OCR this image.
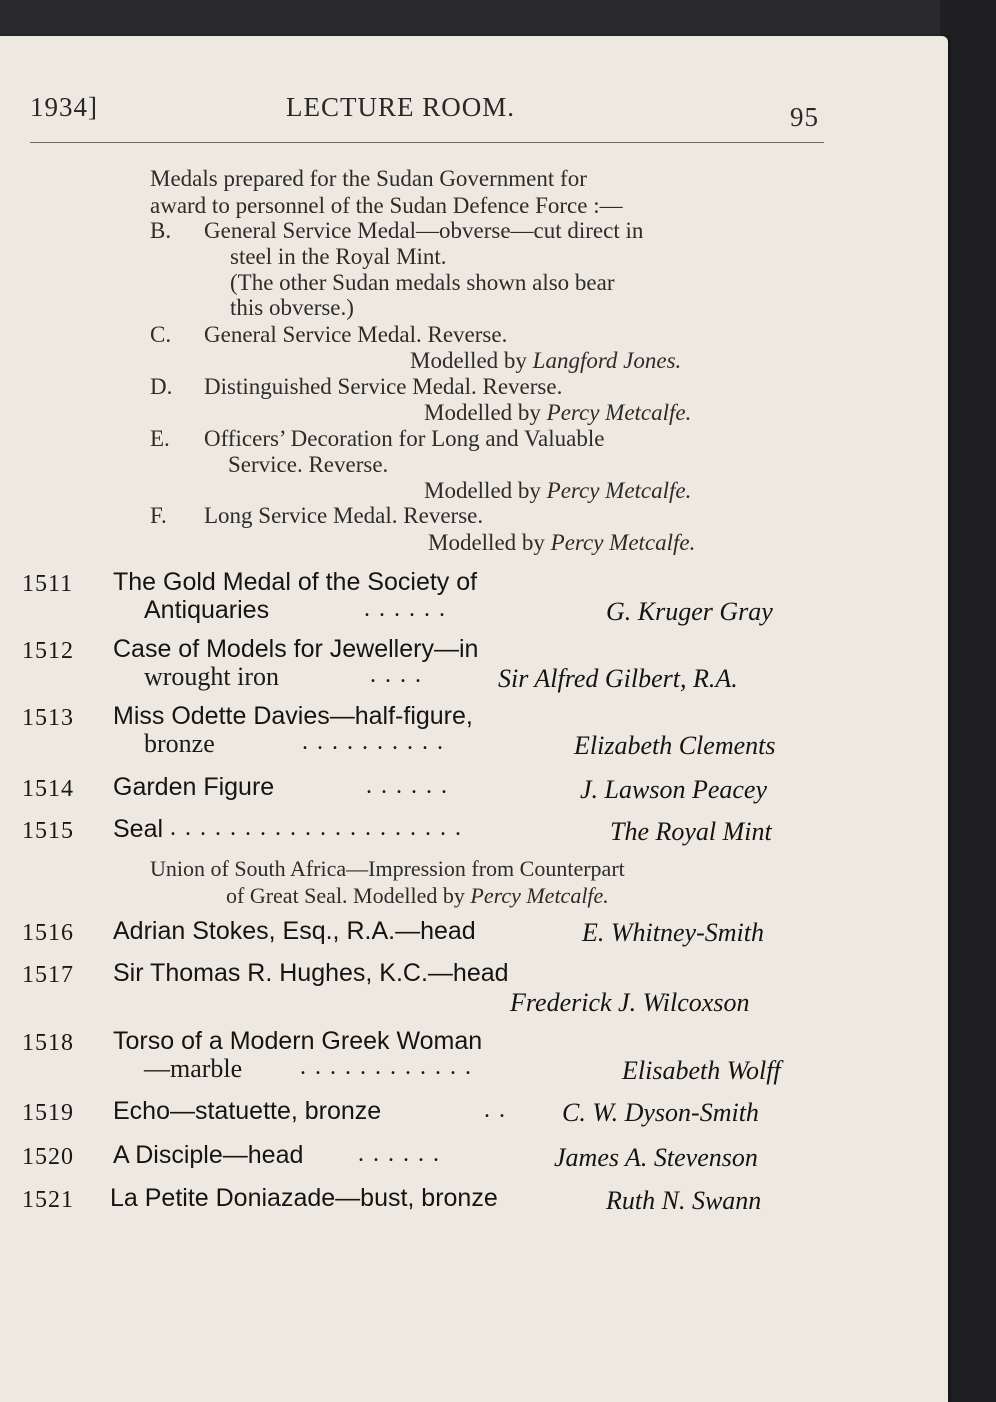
1934]	LECTURE ROOM.	95
Medals prepared for the Sudan Government for
award to personnel of the Sudan Defence Force :—
B. General Service Medal—obverse—cut direct in
steel in the Royal Mint.
(The other Sudan medals shown also bear
this obverse.)
C. General Service Medal. Reverse.
Modelled by Langford Jones.
D. Distinguished Service Medal. Reverse.
Modelled by Percy Metcalfe.
E. Officers’ Decoration for Long and Valuable
Service. Reverse.
Modelled by Percy Metcalfe.
F. Long Service Medal. Reverse.
Modelled by Percy Metcalfe.
1511 The Gold Medal of the Society of
Antiquaries	......	G. Kruger Gray
1512 Case of Models for Jewellery—in
wrought iron	....	Sir Alfred Gilbert, R.A.
1513 Miss Odette Davies—half-figure,
bronze	..........	Elizabeth Clements
1514 Garden Figure	......	J. Lawson Peacey
1515 Seal ....................	The Royal Mint
Union of South Africa—Impression from Counterpart
of Great Seal. Modelled by Percy Metcalfe.
1516 Adrian Stokes, Esq., R.A.—head	E. Whitney-Smith
1517 Sir Thomas R. Hughes, K.C.—head
Frederick J. Wilcoxson
1518 Torso of a Modern Greek Woman
—marble ............	Elisabeth Wolff
1519 Echo—statuette, bronze	.. C. W. Dyson-Smith
1520 A Disciple—head ......	James A. Stevenson
1521 La Petite Doniazade—bust, bronze	Ruth N. Swann
